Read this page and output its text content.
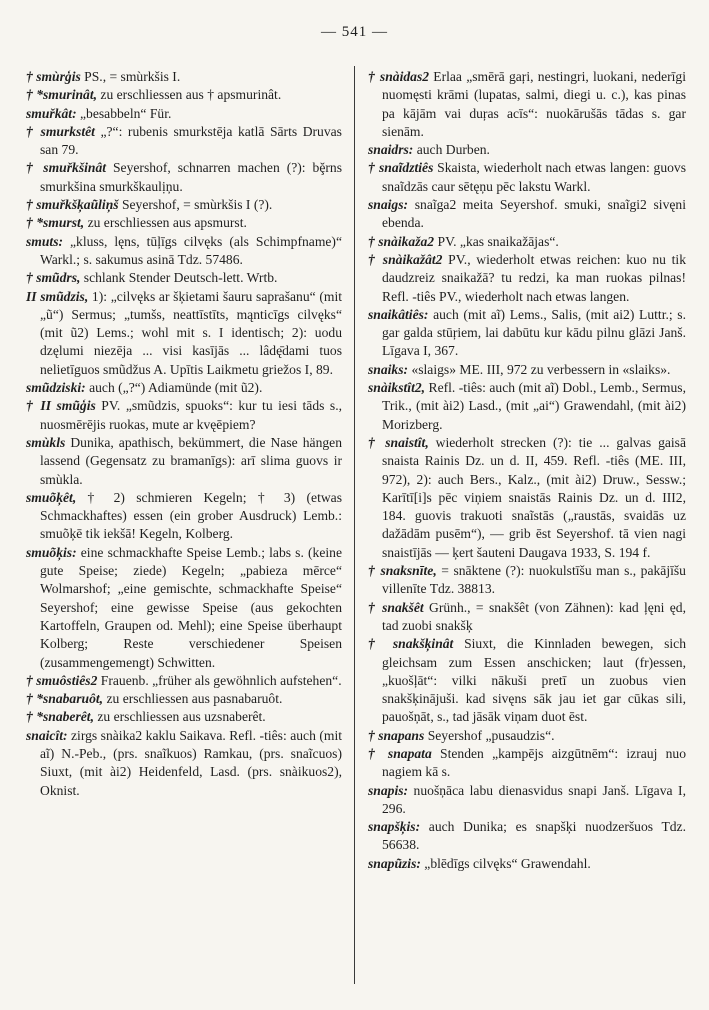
— 541 —

† smùrģis PS., = smùrkšis I.

† *smurinât, zu erschliessen aus † apsmurinât.

smuřkât: „besabbeln“ Für.

† smurkstêt „?“: rubenis smurkstēja katlā Sārts Druvas san 79.

† smuřkšinât Seyershof, schnarren machen (?): bḝrns smurkšina smurkškaulịņu.

† smuřkšķaũliņš Seyershof, = smùrkšis I (?).

† *smurst, zu erschliessen aus apsmurst.

smuts: „kluss, lęns, tūļīgs cilvęks (als Schimpfname)“ Warkl.; s. sakumus asinā Tdz. 57486.

† smũdrs, schlank Stender Deutsch-lett. Wrtb.

II smũdzis, 1): „cilvęks ar šķietami šauru saprašanu“ (mit „ũ“) Sermus; „tumšs, neattīstīts, mąnticīgs cilvęks“ (mit ũ2) Lems.; wohl mit s. I identisch; 2): uodu dzęlumi niezēja ... visi kasījās ... lâdę̄dami tuos nelietīguos smũdžus A. Upītis Laikmetu griežos I, 89.

smũdziski: auch („?“) Adiamünde (mit ũ2).

† II smũģis PV. „smũdzis, spuoks“: kur tu iesi tāds s., nuosmērējis ruokas, mute ar kvęēpiem?

smùkls Dunika, apathisch, bekümmert, die Nase hängen lassend (Gegensatz zu bramanīgs): arī slima guovs ir smùkla.

smuõķêt, † 2) schmieren Kegeln; † 3) (etwas Schmackhaftes) essen (ein grober Ausdruck) Lemb.: smuõķē tik iekšā! Kegeln, Kolberg.

smuõķis: eine schmackhafte Speise Lemb.; labs s. (keine gute Speise; ziede) Kegeln; „pabieza mērce“ Wolmarshof; „eine gemischte, schmackhafte Speise“ Seyershof; eine gewisse Speise (aus gekochten Kartoffeln, Graupen od. Mehl); eine Speise überhaupt Kolberg; Reste verschiedener Speisen (zusammengemengt) Schwitten.

† smuôstiês2 Frauenb. „früher als gewöhnlich aufstehen“.

† *snabaruôt, zu erschliessen aus pasnabaruôt.

† *snaberêt, zu erschliessen aus uzsnaberêt.

snaicît: zirgs snàika2 kaklu Saikava. Refl. -tiês: auch (mit aĩ) N.-Peb., (prs. snaĩkuos) Ramkau, (prs. snaĩcuos) Siuxt, (mit ài2) Heidenfeld, Lasd. (prs. snàikuos2), Oknist.

† snàidas2 Erlaa „smērā gaŗi, nestingri, luokani, nederīgi nuomęsti krāmi (lupatas, salmi, diegi u. c.), kas pinas pa kājām vai duŗas acīs“: nuokārušās tādas s. gar sienām.

snaidrs: auch Durben.

† snaĩdztiês Skaista, wiederholt nach etwas langen: guovs snaĩdzās caur sētęņu pēc lakstu Warkl.

snaigs: snaĩga2 meita Seyershof. smuki, snaĩgi2 sivęni ebenda.

† snàikaža2 PV. „kas snaikažājas“.

† snàikažât2 PV., wiederholt etwas reichen: kuo nu tik daudzreiz snaikažā? tu redzi, ka man ruokas pilnas! Refl. -tiês PV., wiederholt nach etwas langen.

snaikâtiês: auch (mit aĩ) Lems., Salis, (mit ai2) Luttr.; s. gar galda stūŗiem, lai dabūtu kur kādu pilnu glāzi Janš. Līgava I, 367.

snaiks: «slaigs» ME. III, 972 zu verbessern in «slaiks».

snàikstît2, Refl. -tiês: auch (mit aĩ) Dobl., Lemb., Sermus, Trik., (mit ài2) Lasd., (mit „ai“) Grawendahl, (mit ài2) Morizberg.

† snaistît, wiederholt strecken (?): tie ... galvas gaisā snaista Rainis Dz. un d. II, 459. Refl. -tiês (ME. III, 972), 2): auch Bers., Kalz., (mit ài2) Druw., Sessw.; Karītī[i]s pēc viņiem snaistās Rainis Dz. un d. III2, 184. guovis trakuoti snaĩstās („raustās, svaidās uz dažādām pusēm“), — grib ēst Seyershof. tā vien nagi snaistījās — ķert šauteni Daugava 1933, S. 194 f.

† snaksnīte, = snāktene (?): nuokulstīšu man s., pakājīšu villenīte Tdz. 38813.

† snakšêt Grünh., = snakšêt (von Zähnen): kad ļęni ęd, tad zuobi snakšķ

† snakšķinât Siuxt, die Kinnladen bewegen, sich gleichsam zum Essen anschicken; laut (fr)essen, „kuošļāt“: vilki nākuši pretī un zuobus vien snakšķinājuši. kad sivęns sāk jau iet gar cūkas sili, pauošņāt, s., tad jāsāk viņam duot ēst.

† snapans Seyershof „pusaudzis“.

† snapata Stenden „kampējs aizgūtnēm“: izrauj nuo nagiem kā s.

snapis: nuošņāca labu dienasvidus snapi Janš. Līgava I, 296.

snapšķis: auch Dunika; es snapšķi nuodzeršuos Tdz. 56638.

snapũzis: „blēdīgs cilvęks“ Grawendahl.
